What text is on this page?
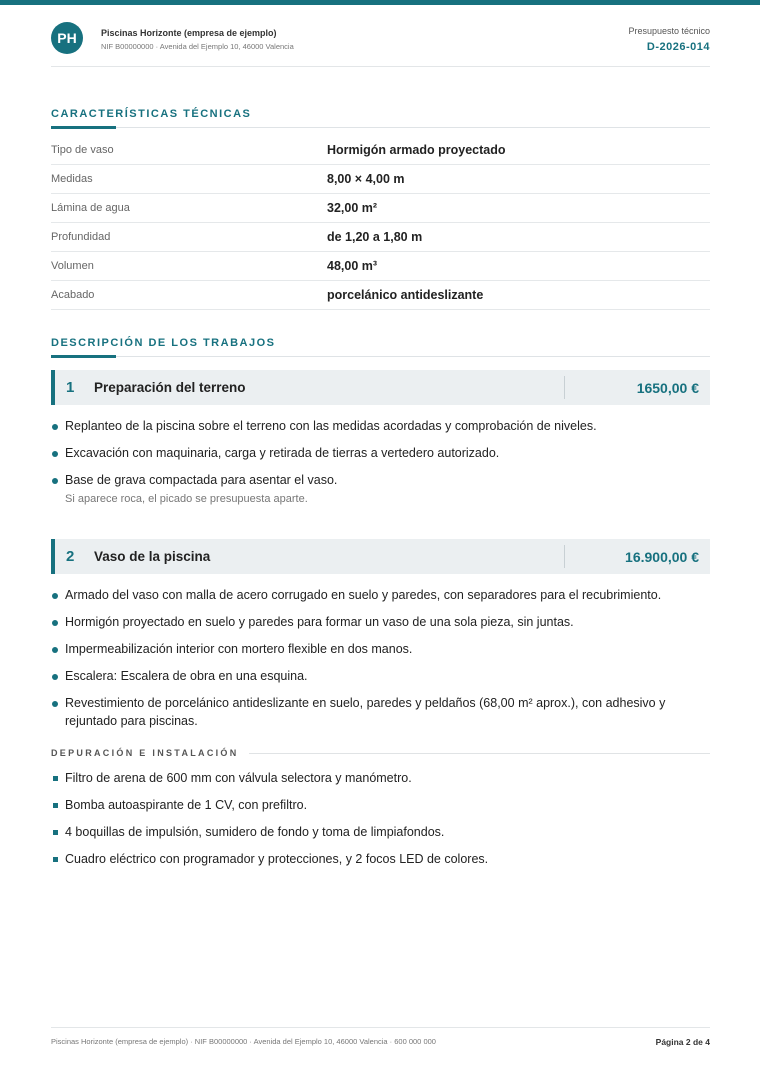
PH	Piscinas Horizonte (empresa de ejemplo)
NIF B00000000 · Avenida del Ejemplo 10, 46000 Valencia
Presupuesto técnico
D-2026-014
CARACTERÍSTICAS TÉCNICAS
Tipo de vaso	Hormigón armado proyectado
Medidas	8,00 × 4,00 m
Lámina de agua	32,00 m²
Profundidad	de 1,20 a 1,80 m
Volumen	48,00 m³
Acabado	porcelánico antideslizante
DESCRIPCIÓN DE LOS TRABAJOS
1 Preparación del terreno	1650,00 €
Replanteo de la piscina sobre el terreno con las medidas acordadas y comprobación de niveles.
Excavación con maquinaria, carga y retirada de tierras a vertedero autorizado.
Base de grava compactada para asentar el vaso.
Si aparece roca, el picado se presupuesta aparte.
2 Vaso de la piscina	16.900,00 €
Armado del vaso con malla de acero corrugado en suelo y paredes, con separadores para el recubrimiento.
Hormigón proyectado en suelo y paredes para formar un vaso de una sola pieza, sin juntas.
Impermeabilización interior con mortero flexible en dos manos.
Escalera: Escalera de obra en una esquina.
Revestimiento de porcelánico antideslizante en suelo, paredes y peldaños (68,00 m² aprox.), con adhesivo y rejuntado para piscinas.
DEPURACIÓN E INSTALACIÓN
Filtro de arena de 600 mm con válvula selectora y manómetro.
Bomba autoaspirante de 1 CV, con prefiltro.
4 boquillas de impulsión, sumidero de fondo y toma de limpiafondos.
Cuadro eléctrico con programador y protecciones, y 2 focos LED de colores.
Piscinas Horizonte (empresa de ejemplo) · NIF B00000000 · Avenida del Ejemplo 10, 46000 Valencia · 600 000 000	Página 2 de 4
